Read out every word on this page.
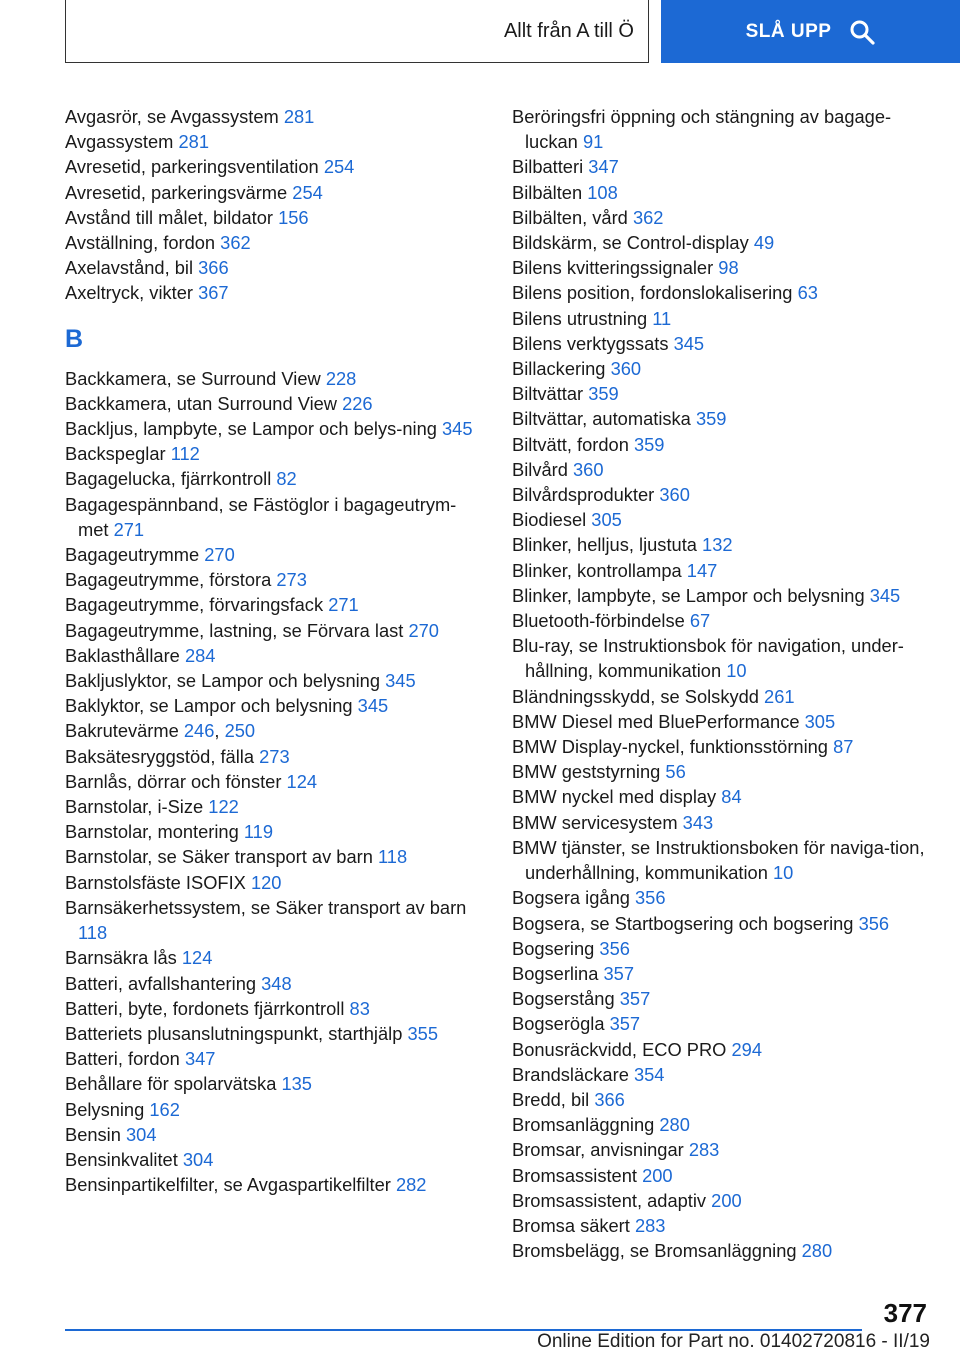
Allt från A till Ö	SLÅ UPP
Avgasrör, se Avgassystem 281
Avgassystem 281
Avresetid, parkeringsventilation 254
Avresetid, parkeringsvärme 254
Avstånd till målet, bildator 156
Avställning, fordon 362
Axelavstånd, bil 366
Axeltryck, vikter 367
B
Backkamera, se Surround View 228
Backkamera, utan Surround View 226
Backljus, lampbyte, se Lampor och belys-ning 345
Backspeglar 112
Bagagelucka, fjärrkontroll 82
Bagagespännband, se Fästöglor i bagageutrym-met 271
Bagageutrymme 270
Bagageutrymme, förstora 273
Bagageutrymme, förvaringsfack 271
Bagageutrymme, lastning, se Förvara last 270
Baklasthållare 284
Bakljuslyktor, se Lampor och belysning 345
Baklyktor, se Lampor och belysning 345
Bakrutevärme 246, 250
Baksätesryggstöd, fälla 273
Barnlås, dörrar och fönster 124
Barnstolar, i-Size 122
Barnstolar, montering 119
Barnstolar, se Säker transport av barn 118
Barnstolsfäste ISOFIX 120
Barnsäkerhetssystem, se Säker transport av barn 118
Barnsäkra lås 124
Batteri, avfallshantering 348
Batteri, byte, fordonets fjärrkontroll 83
Batteriets plusanslutningspunkt, starthjälp 355
Batteri, fordon 347
Behållare för spolarvätska 135
Belysning 162
Bensin 304
Bensinkvalitet 304
Bensinpartikelfilter, se Avgaspartikelfilter 282
Beröringsfri öppning och stängning av bagage-luckan 91
Bilbatteri 347
Bilbälten 108
Bilbälten, vård 362
Bildskärm, se Control-display 49
Bilens kvitteringssignaler 98
Bilens position, fordonslokalisering 63
Bilens utrustning 11
Bilens verktygssats 345
Billackering 360
Biltvättar 359
Biltvättar, automatiska 359
Biltvätt, fordon 359
Bilvård 360
Bilvårdsprodukter 360
Biodiesel 305
Blinker, helljus, ljustuta 132
Blinker, kontrollampa 147
Blinker, lampbyte, se Lampor och belysning 345
Bluetooth-förbindelse 67
Blu-ray, se Instruktionsbok för navigation, under-hållning, kommunikation 10
Bländningsskydd, se Solskydd 261
BMW Diesel med BluePerformance 305
BMW Display-nyckel, funktionsstörning 87
BMW geststyrning 56
BMW nyckel med display 84
BMW servicesystem 343
BMW tjänster, se Instruktionsboken för naviga-tion, underhållning, kommunikation 10
Bogsera igång 356
Bogsera, se Startbogsering och bogsering 356
Bogsering 356
Bogserlina 357
Bogserstång 357
Bogserögla 357
Bonusräckvidd, ECO PRO 294
Brandsläckare 354
Bredd, bil 366
Bromsanläggning 280
Bromsar, anvisningar 283
Bromsassistent 200
Bromsassistent, adaptiv 200
Bromsa säkert 283
Bromsbelägg, se Bromsanläggning 280
377
Online Edition for Part no. 01402720816 - II/19
